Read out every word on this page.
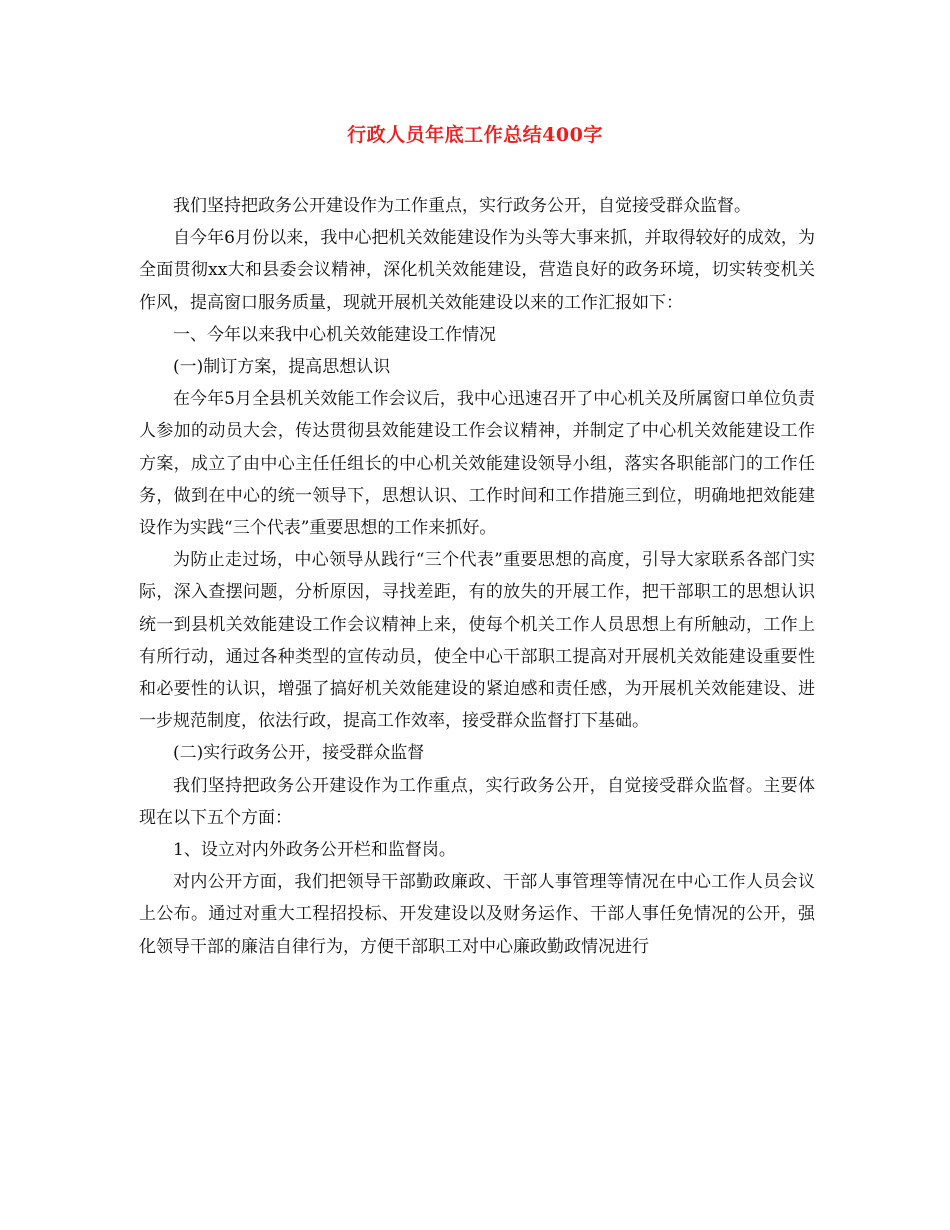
行政人员年底工作总结400字

我们坚持把政务公开建设作为工作重点，实行政务公开，自觉接受群众监督。

自今年6月份以来，我中心把机关效能建设作为头等大事来抓，并取得较好的成效，为全面贯彻xx大和县委会议精神，深化机关效能建设，营造良好的政务环境，切实转变机关作风，提高窗口服务质量，现就开展机关效能建设以来的工作汇报如下：

一、今年以来我中心机关效能建设工作情况

(一)制订方案，提高思想认识

在今年5月全县机关效能工作会议后，我中心迅速召开了中心机关及所属窗口单位负责人参加的动员大会，传达贯彻县效能建设工作会议精神，并制定了中心机关效能建设工作方案，成立了由中心主任任组长的中心机关效能建设领导小组，落实各职能部门的工作任务，做到在中心的统一领导下，思想认识、工作时间和工作措施三到位，明确地把效能建设作为实践“三个代表”重要思想的工作来抓好。

为防止走过场，中心领导从践行“三个代表”重要思想的高度，引导大家联系各部门实际，深入查摆问题，分析原因，寻找差距，有的放失的开展工作，把干部职工的思想认识统一到县机关效能建设工作会议精神上来，使每个机关工作人员思想上有所触动，工作上有所行动，通过各种类型的宣传动员，使全中心干部职工提高对开展机关效能建设重要性和必要性的认识，增强了搞好机关效能建设的紧迫感和责任感，为开展机关效能建设、进一步规范制度，依法行政，提高工作效率，接受群众监督打下基础。

(二)实行政务公开，接受群众监督

我们坚持把政务公开建设作为工作重点，实行政务公开，自觉接受群众监督。主要体现在以下五个方面：

1、设立对内外政务公开栏和监督岗。

对内公开方面，我们把领导干部勤政廉政、干部人事管理等情况在中心工作人员会议上公布。通过对重大工程招投标、开发建设以及财务运作、干部人事任免情况的公开，强化领导干部的廉洁自律行为，方便干部职工对中心廉政勤政情况进行
